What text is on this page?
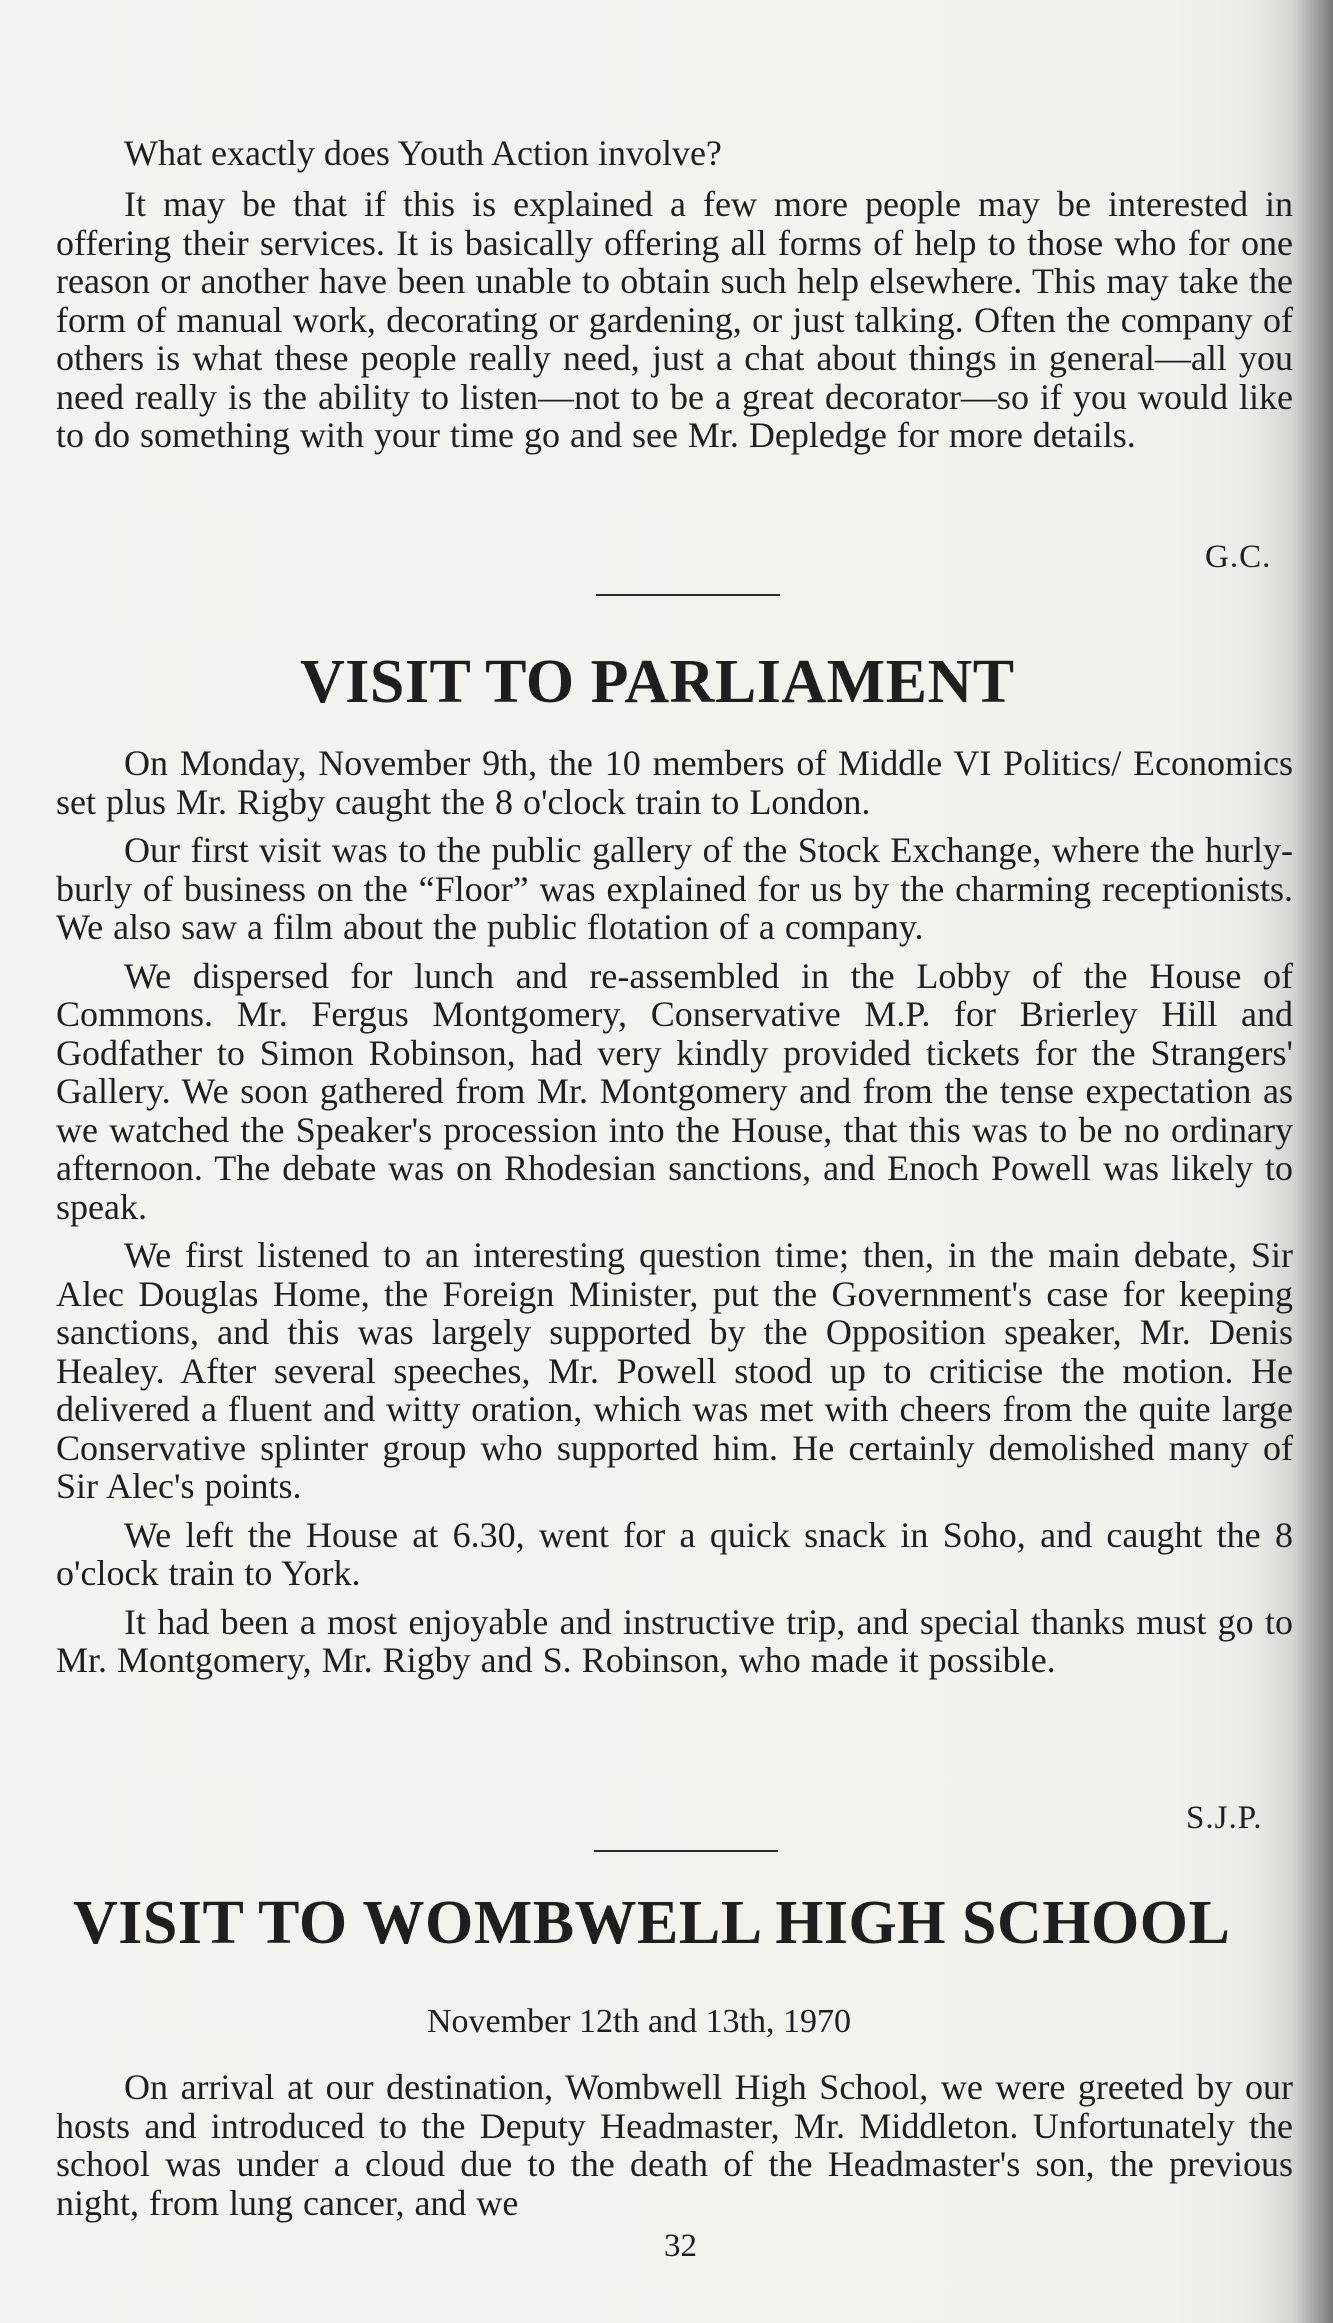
What exactly does Youth Action involve?

It may be that if this is explained a few more people may be interested in offering their services. It is basically offering all forms of help to those who for one reason or another have been unable to obtain such help elsewhere. This may take the form of manual work, decorating or gardening, or just talking. Often the company of others is what these people really need, just a chat about things in general—all you need really is the ability to listen—not to be a great decorator—so if you would like to do something with your time go and see Mr. Depledge for more details.

G.C.
VISIT TO PARLIAMENT

On Monday, November 9th, the 10 members of Middle VI Politics/ Economics set plus Mr. Rigby caught the 8 o'clock train to London.

Our first visit was to the public gallery of the Stock Exchange, where the hurly-burly of business on the “Floor” was explained for us by the charming receptionists. We also saw a film about the public flotation of a company.

We dispersed for lunch and re-assembled in the Lobby of the House of Commons. Mr. Fergus Montgomery, Conservative M.P. for Brierley Hill and Godfather to Simon Robinson, had very kindly provided tickets for the Strangers' Gallery. We soon gathered from Mr. Montgomery and from the tense expectation as we watched the Speaker's procession into the House, that this was to be no ordinary afternoon. The debate was on Rhodesian sanctions, and Enoch Powell was likely to speak.

We first listened to an interesting question time; then, in the main debate, Sir Alec Douglas Home, the Foreign Minister, put the Government's case for keeping sanctions, and this was largely supported by the Opposition speaker, Mr. Denis Healey. After several speeches, Mr. Powell stood up to criticise the motion. He delivered a fluent and witty oration, which was met with cheers from the quite large Conservative splinter group who supported him. He certainly demolished many of Sir Alec's points.

We left the House at 6.30, went for a quick snack in Soho, and caught the 8 o'clock train to York.

It had been a most enjoyable and instructive trip, and special thanks must go to Mr. Montgomery, Mr. Rigby and S. Robinson, who made it possible.

S.J.P.
VISIT TO WOMBWELL HIGH SCHOOL
November 12th and 13th, 1970

On arrival at our destination, Wombwell High School, we were greeted by our hosts and introduced to the Deputy Headmaster, Mr. Middleton. Unfortunately the school was under a cloud due to the death of the Headmaster's son, the previous night, from lung cancer, and we

32
